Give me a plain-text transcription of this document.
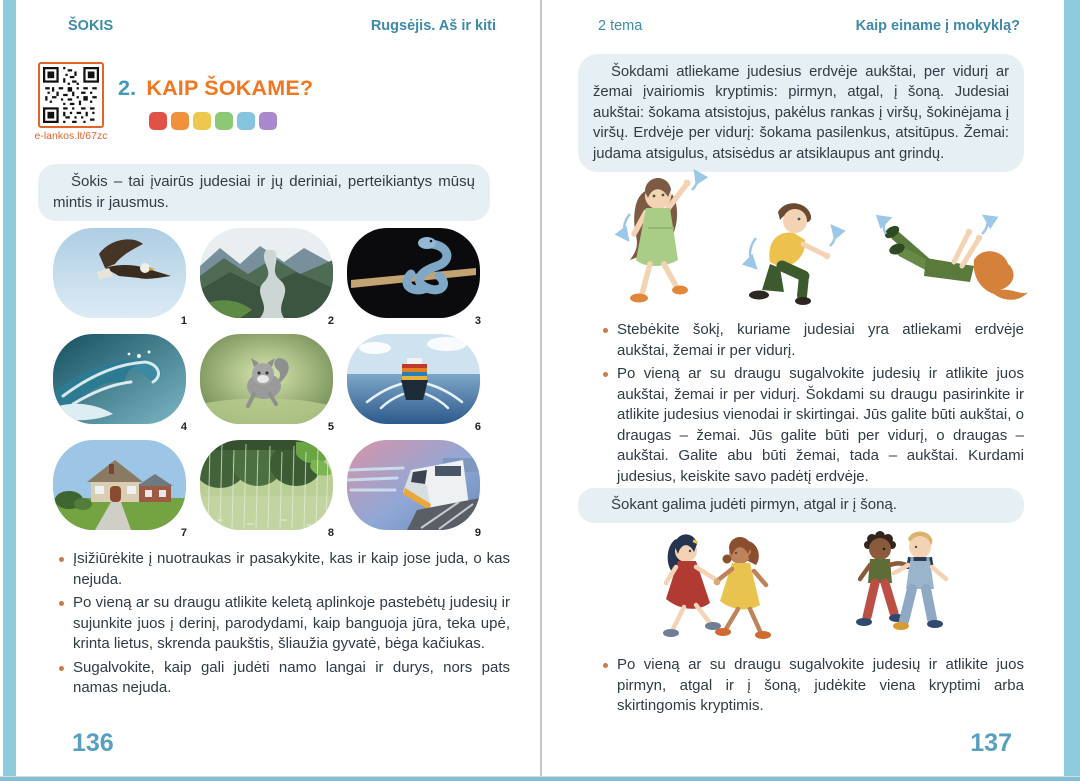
ŠOKIS	Rugsėjis. Aš ir kiti
e-lankos.lt/67zc
2. KAIP ŠOKAME?
Šokis – tai įvairūs judesiai ir jų deriniai, perteikiantys mūsų mintis ir jausmus.
1	2	3
4	5	6
7	8	9
Įsižiūrėkite į nuotraukas ir pasakykite, kas ir kaip jose juda, o kas nejuda.
Po vieną ar su draugu atlikite keletą aplinkoje pastebėtų judesių ir sujunkite juos į derinį, parodydami, kaip banguoja jūra, teka upė, krinta lietus, skrenda paukštis, šliaužia gyvatė, bėga kačiukas.
Sugalvokite, kaip gali judėti namo langai ir durys, nors pats namas nejuda.
136
2 tema	Kaip einame į mokyklą?
Šokdami atliekame judesius erdvėje aukštai, per vidurį ar žemai įvairiomis kryptimis: pirmyn, atgal, į šoną. Judesiai aukštai: šokama atsistojus, pakėlus rankas į viršų, šokinėjama į viršų. Erdvėje per vidurį: šokama pasilenkus, atsitūpus. Žemai: judama atsigulus, atsisėdus ar atsiklaupus ant grindų.
Stebėkite šokį, kuriame judesiai yra atliekami erdvėje aukštai, žemai ir per vidurį.
Po vieną ar su draugu sugalvokite judesių ir atlikite juos aukštai, žemai ir per vidurį. Šokdami su draugu pasirinkite ir atlikite judesius vienodai ir skirtingai. Jūs galite būti aukštai, o draugas – žemai. Jūs galite būti per vidurį, o draugas – aukštai. Galite abu būti žemai, tada – aukštai. Kurdami judesius, keiskite savo padėtį erdvėje.
Šokant galima judėti pirmyn, atgal ir į šoną.
Po vieną ar su draugu sugalvokite judesių ir atlikite juos pirmyn, atgal ir į šoną, judėkite viena kryptimi arba skirtingomis kryptimis.
137
